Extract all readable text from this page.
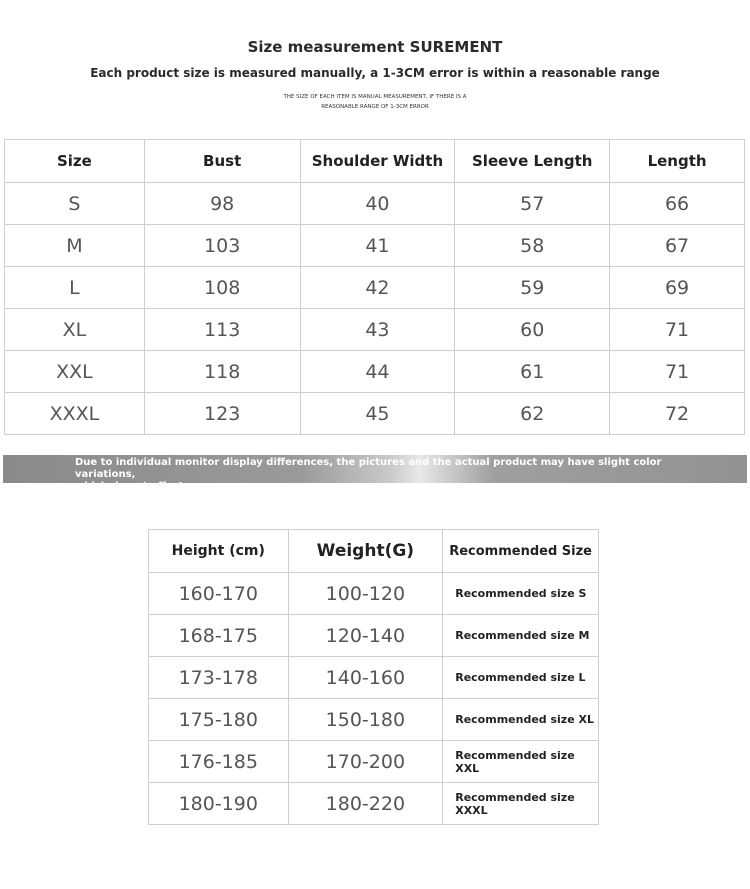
Size measurement SUREMENT
Each product size is measured manually, a 1-3CM error is within a reasonable range
THE SIZE OF EACH ITEM IS MANUAL MEASUREMENT, IF THERE IS A
REASONABLE RANGE OF 1-3CM ERROR
Size	Bust	Shoulder Width	Sleeve Length	Length
S	98	40	57	66
M	103	41	58	67
L	108	42	59	69
XL	113	43	60	71
XXL	118	44	61	71
XXXL	123	45	62	72
Due to individual monitor display differences, the pictures and the actual product may have slight color variations,
which do not affect use
Height (cm)	Weight(G)	Recommended Size
160-170	100-120	Recommended size S
168-175	120-140	Recommended size M
173-178	140-160	Recommended size L
175-180	150-180	Recommended size XL
176-185	170-200	Recommended size XXL
180-190	180-220	Recommended size XXXL
